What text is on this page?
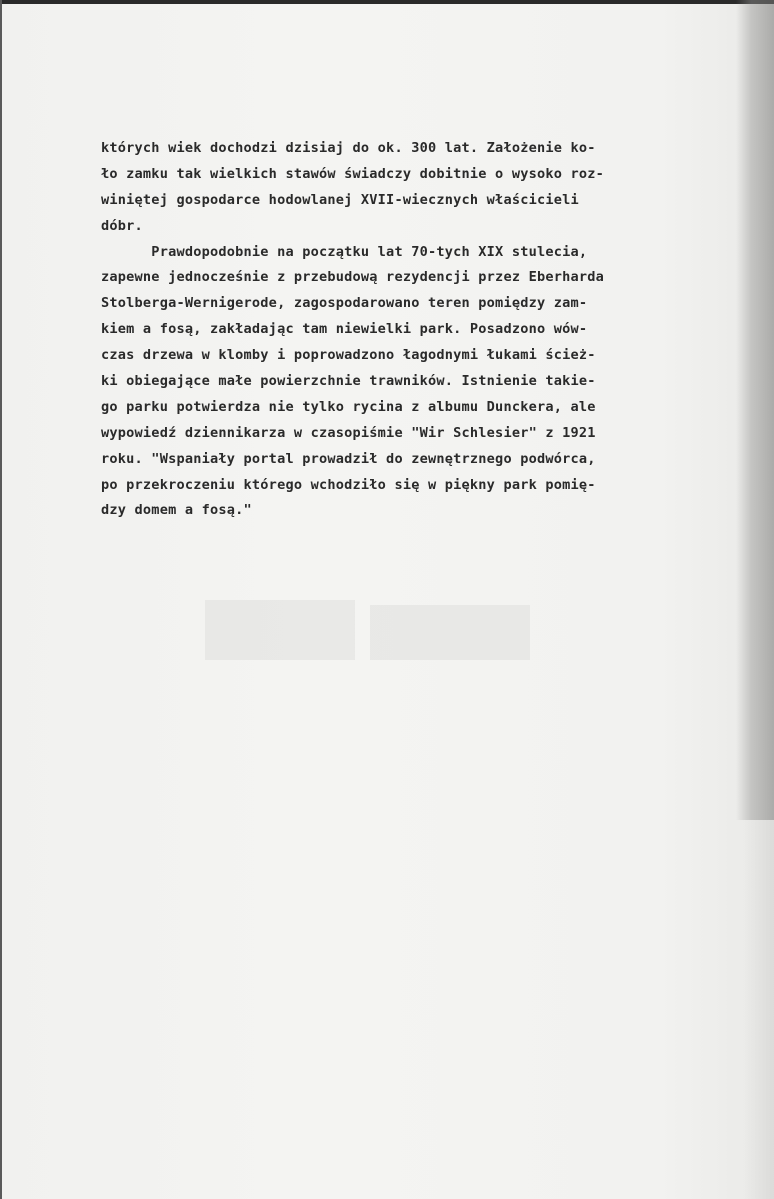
których wiek dochodzi dzisiaj do ok. 300 lat. Założenie ko-
ło zamku tak wielkich stawów świadczy dobitnie o wysoko roz-
winiętej gospodarce hodowlanej XVII-wiecznych właścicieli
dóbr.
Prawdopodobnie na początku lat 70-tych XIX stulecia,
zapewne jednocześnie z przebudową rezydencji przez Eberharda
Stolberga-Wernigerode, zagospodarowano teren pomiędzy zam-
kiem a fosą, zakładając tam niewielki park. Posadzono wów-
czas drzewa w klomby i poprowadzono łagodnymi łukami ścież-
ki obiegające małe powierzchnie trawników. Istnienie takie-
go parku potwierdza nie tylko rycina z albumu Dunckera, ale
wypowiedź dziennikarza w czasopiśmie "Wir Schlesier" z 1921
roku. "Wspaniały portal prowadził do zewnętrznego podwórca,
po przekroczeniu którego wchodziło się w piękny park pomię-
dzy domem a fosą."
